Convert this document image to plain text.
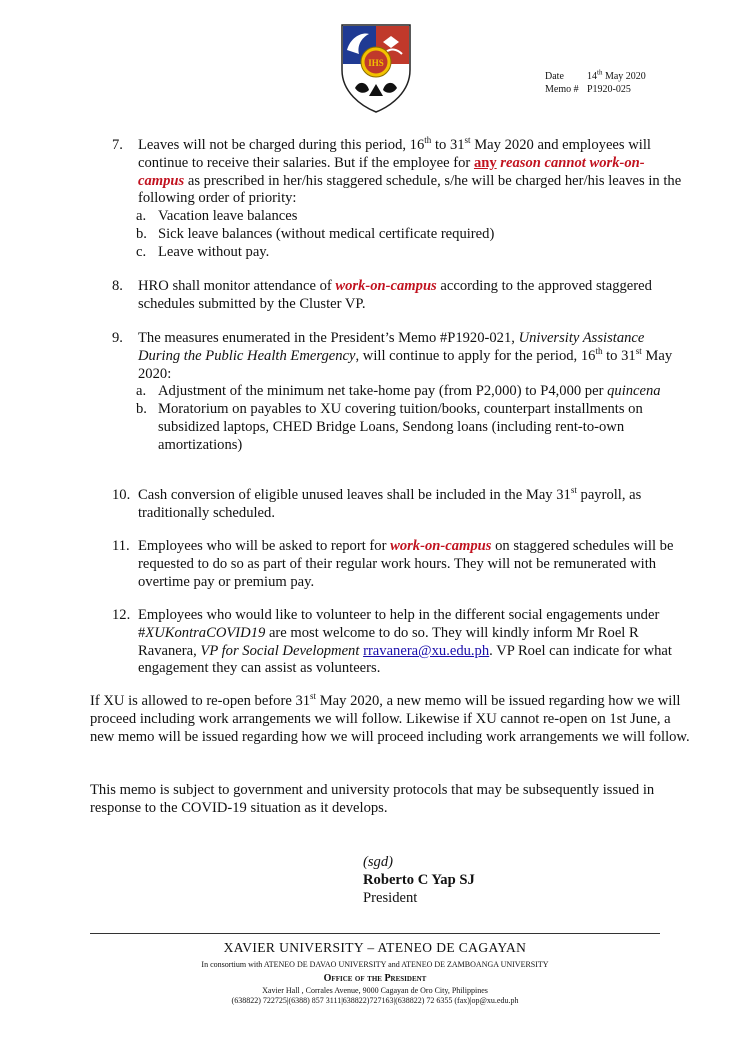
IHS
Date 14th May 2020
Memo # P1920-025
7. Leaves will not be charged during this period, 16th to 31st May 2020 and employees will continue to receive their salaries. But if the employee for any reason cannot work-on-campus as prescribed in her/his staggered schedule, s/he will be charged her/his leaves in the following order of priority:
a. Vacation leave balances
b. Sick leave balances (without medical certificate required)
c. Leave without pay.
8. HRO shall monitor attendance of work-on-campus according to the approved staggered schedules submitted by the Cluster VP.
9. The measures enumerated in the President’s Memo #P1920-021, University Assistance During the Public Health Emergency, will continue to apply for the period, 16th to 31st May 2020:
a. Adjustment of the minimum net take-home pay (from P2,000) to P4,000 per quincena
b. Moratorium on payables to XU covering tuition/books, counterpart installments on subsidized laptops, CHED Bridge Loans, Sendong loans (including rent-to-own amortizations)
10. Cash conversion of eligible unused leaves shall be included in the May 31st payroll, as traditionally scheduled.
11. Employees who will be asked to report for work-on-campus on staggered schedules will be requested to do so as part of their regular work hours. They will not be remunerated with overtime pay or premium pay.
12. Employees who would like to volunteer to help in the different social engagements under #XUKontraCOVID19 are most welcome to do so. They will kindly inform Mr Roel R Ravanera, VP for Social Development rravanera@xu.edu.ph. VP Roel can indicate for what engagement they can assist as volunteers.
If XU is allowed to re-open before 31st May 2020, a new memo will be issued regarding how we will proceed including work arrangements we will follow. Likewise if XU cannot re-open on 1st June, a new memo will be issued regarding how we will proceed including work arrangements we will follow.
This memo is subject to government and university protocols that may be subsequently issued in response to the COVID-19 situation as it develops.
(sgd)
Roberto C Yap SJ
President
XAVIER UNIVERSITY – ATENEO DE CAGAYAN
In consortium with ATENEO DE DAVAO UNIVERSITY and ATENEO DE ZAMBOANGA UNIVERSITY
Office of the President
Xavier Hall , Corrales Avenue, 9000 Cagayan de Oro City, Philippines
(638822) 722725|(6388) 857 3111|638822)727163|(638822) 72 6355 (fax)|op@xu.edu.ph
